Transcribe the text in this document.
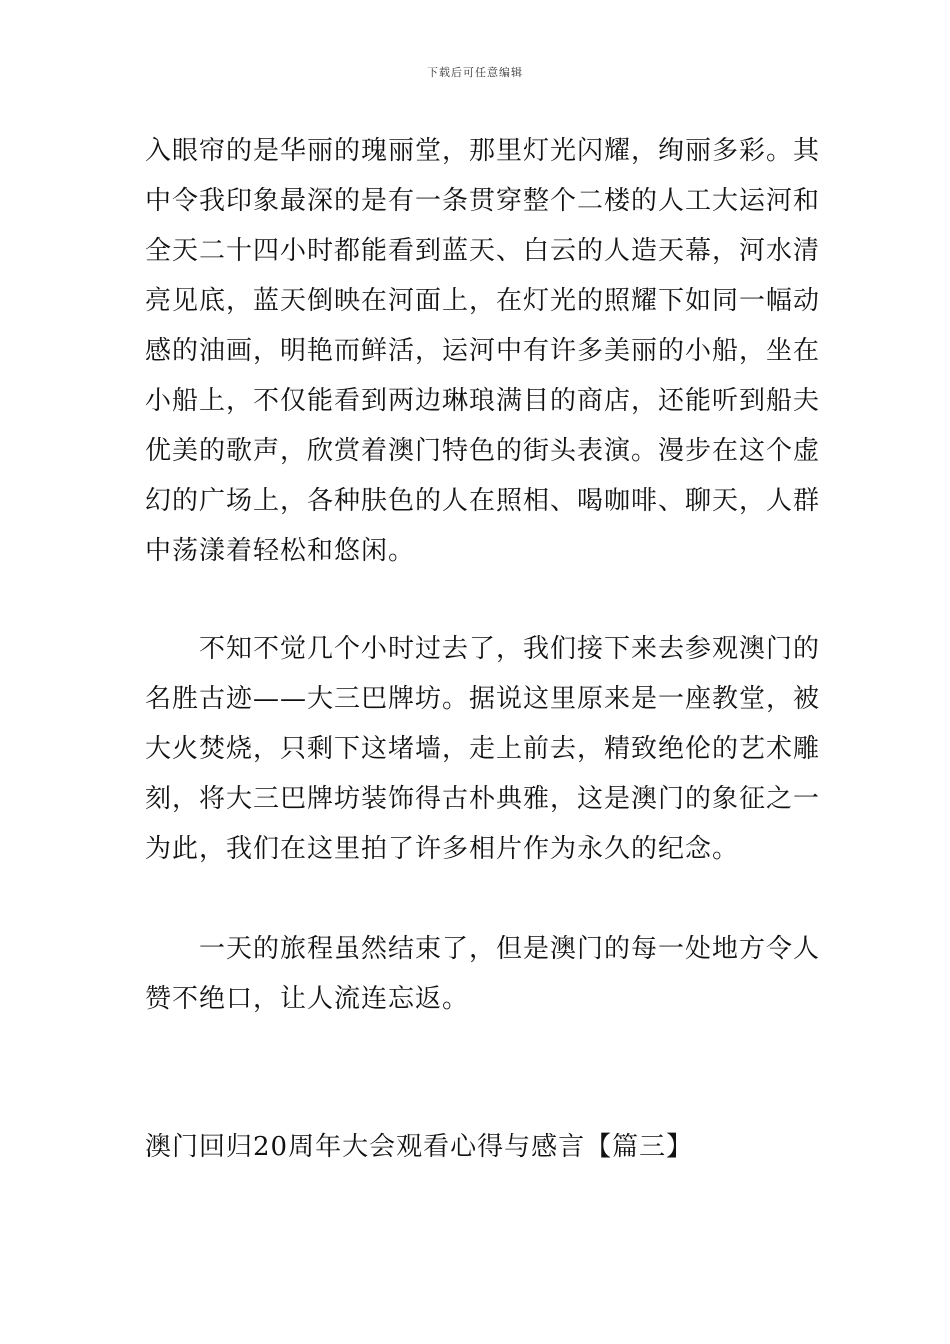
下载后可任意编辑
入眼帘的是华丽的瑰丽堂，那里灯光闪耀，绚丽多彩。其
中令我印象最深的是有一条贯穿整个二楼的人工大运河和
全天二十四小时都能看到蓝天、白云的人造天幕，河水清
亮见底，蓝天倒映在河面上，在灯光的照耀下如同一幅动
感的油画，明艳而鲜活，运河中有许多美丽的小船，坐在
小船上，不仅能看到两边琳琅满目的商店，还能听到船夫
优美的歌声，欣赏着澳门特色的街头表演。漫步在这个虚
幻的广场上，各种肤色的人在照相、喝咖啡、聊天，人群
中荡漾着轻松和悠闲。
不知不觉几个小时过去了，我们接下来去参观澳门的
名胜古迹——大三巴牌坊。据说这里原来是一座教堂，被
大火焚烧，只剩下这堵墙，走上前去，精致绝伦的艺术雕
刻，将大三巴牌坊装饰得古朴典雅，这是澳门的象征之一
为此，我们在这里拍了许多相片作为永久的纪念。
一天的旅程虽然结束了，但是澳门的每一处地方令人
赞不绝口，让人流连忘返。
澳门回归20周年大会观看心得与感言【篇三】
